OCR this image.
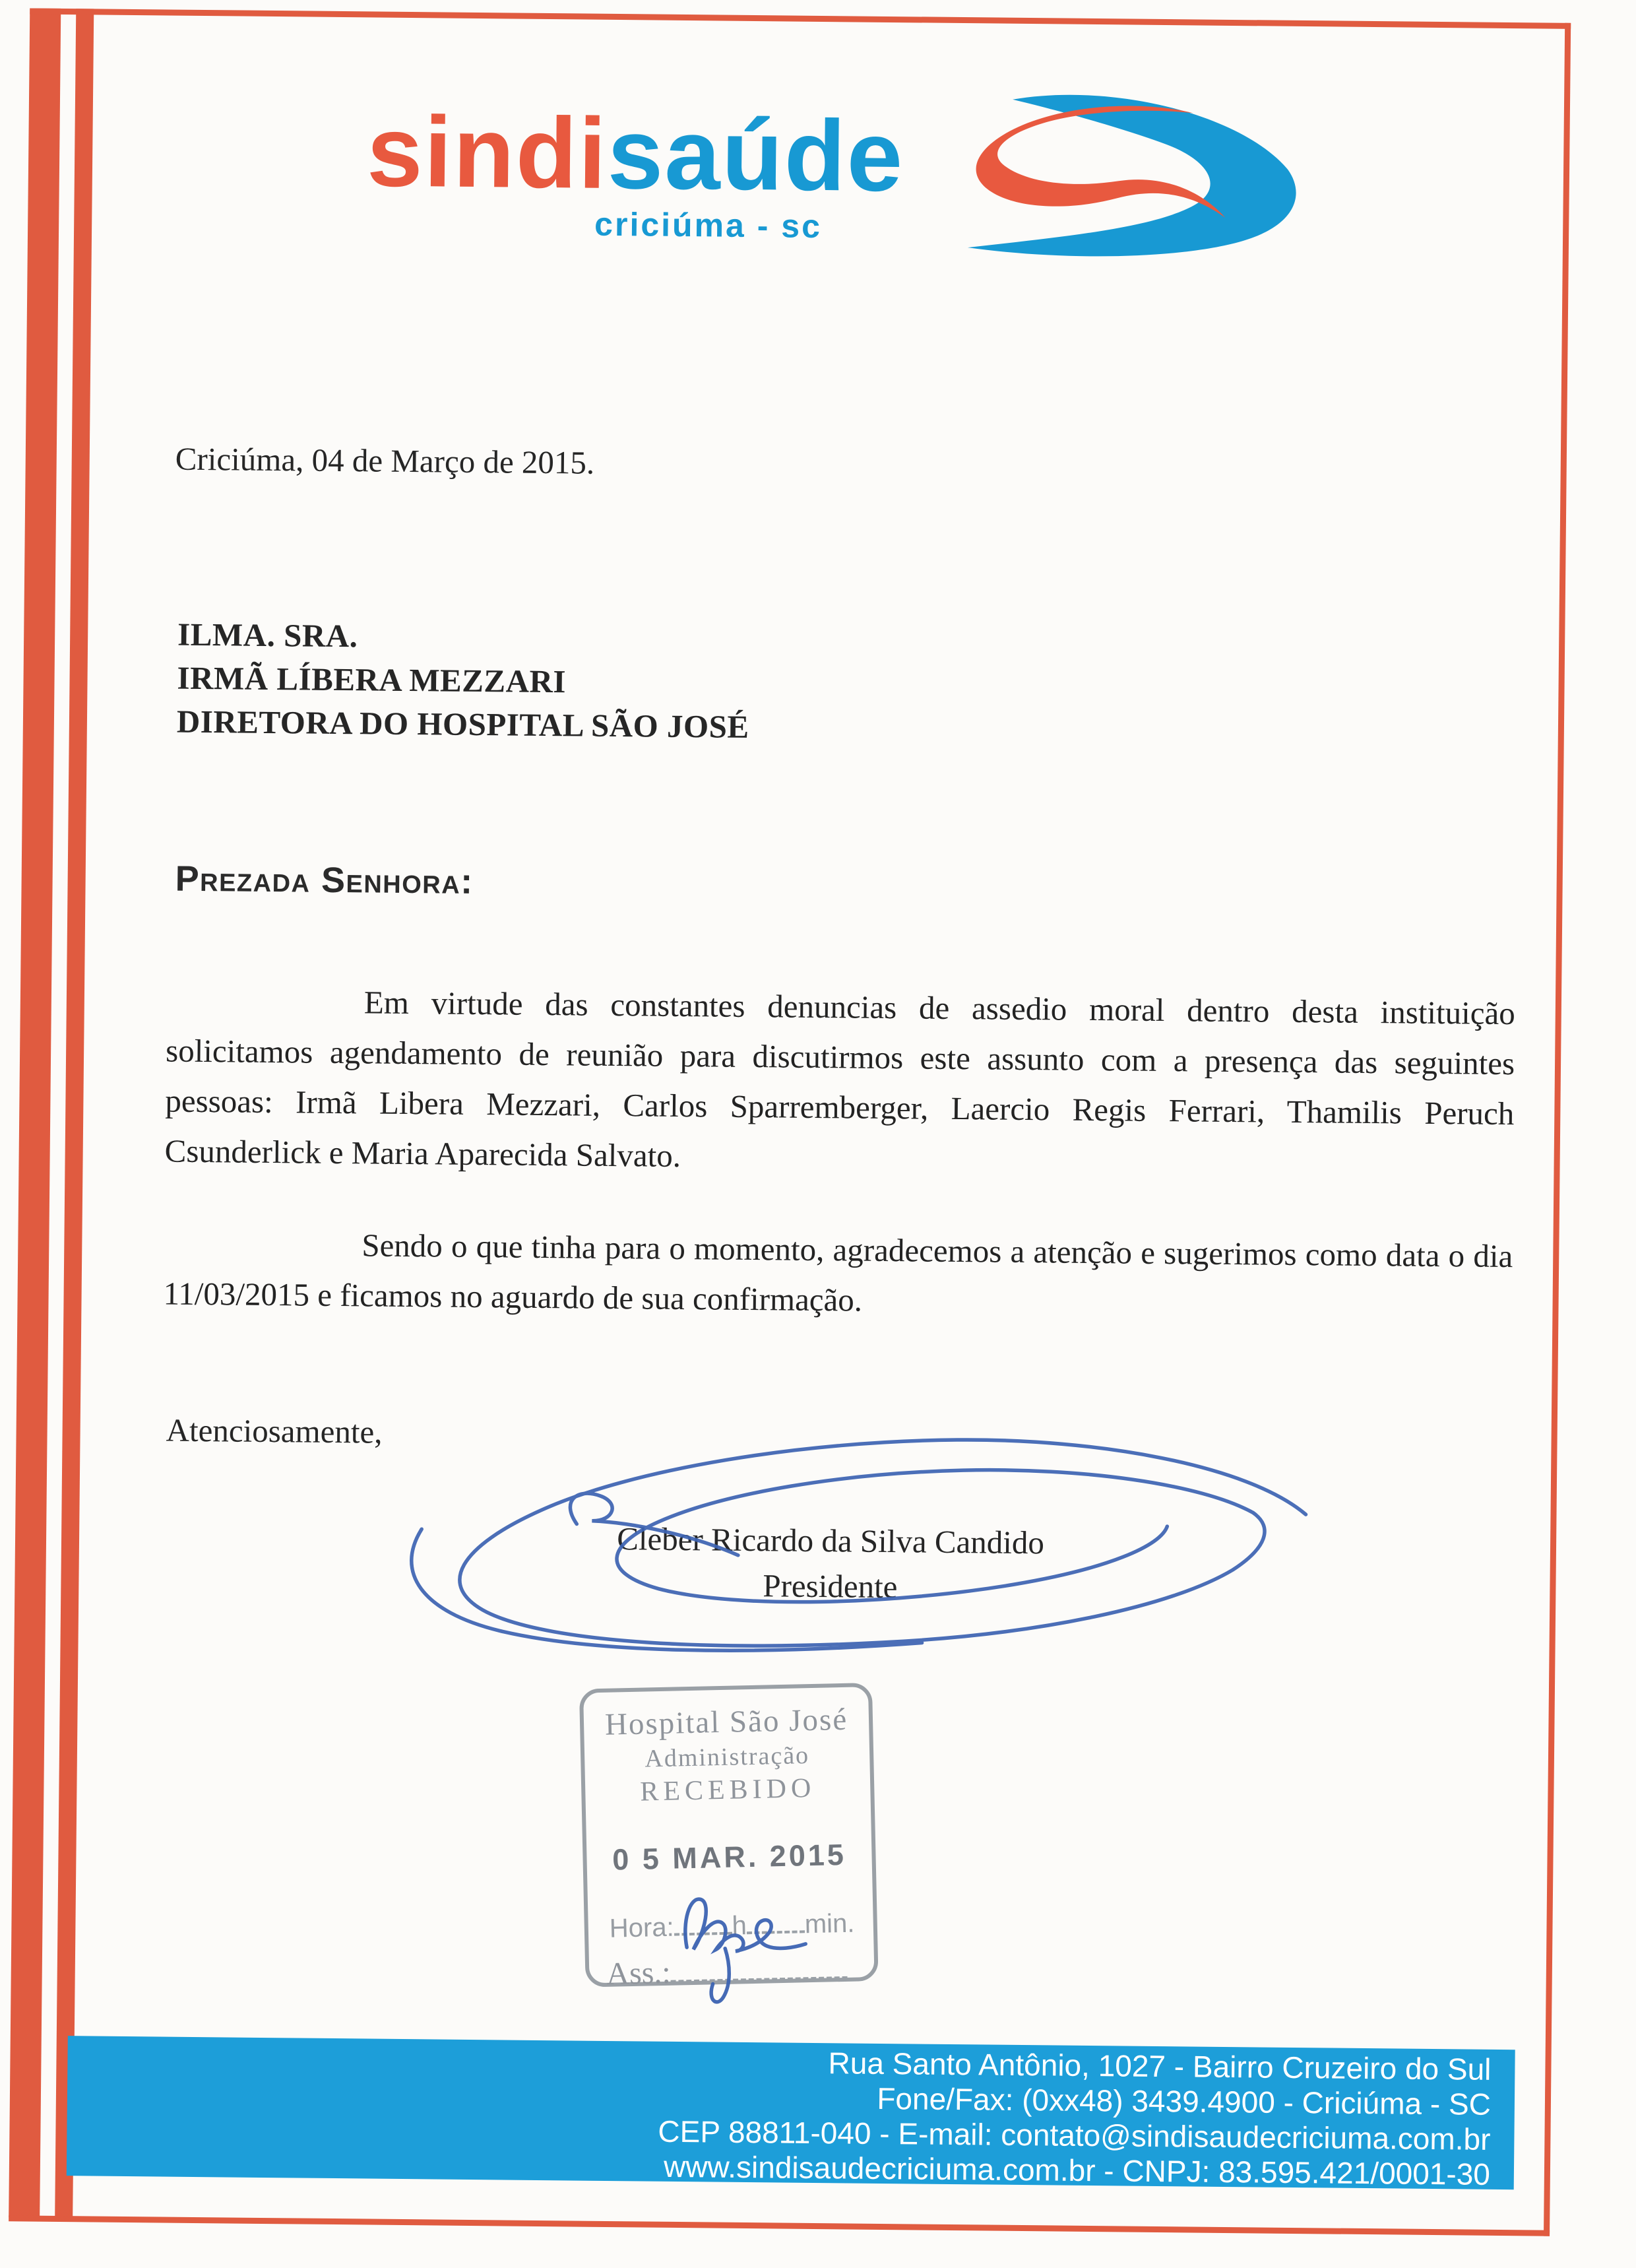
sindisaúde
criciúma - sc
Criciúma, 04 de Março de 2015.
ILMA. SRA.
IRMÃ LÍBERA MEZZARI
DIRETORA DO HOSPITAL SÃO JOSÉ
Prezada Senhora:
Em virtude das constantes denuncias de assedio moral dentro desta instituição solicitamos agendamento de reunião para discutirmos este assunto com a presença das seguintes pessoas: Irmã Libera Mezzari, Carlos Sparremberger, Laercio Regis Ferrari, Thamilis Peruch Csunderlick e Maria Aparecida Salvato.
Sendo o que tinha para o momento, agradecemos a atenção e sugerimos como data o dia 11/03/2015 e ficamos no aguardo de sua confirmação.
Atenciosamente,
Cleber Ricardo da Silva Candido
Presidente
Hospital São José
Administração
RECEBIDO
0 5 MAR. 2015
Hora: h min.
Ass.:
Rua Santo Antônio, 1027 - Bairro Cruzeiro do Sul
Fone/Fax: (0xx48) 3439.4900 - Criciúma - SC
CEP 88811-040 - E-mail: contato@sindisaudecriciuma.com.br
www.sindisaudecriciuma.com.br - CNPJ: 83.595.421/0001-30
